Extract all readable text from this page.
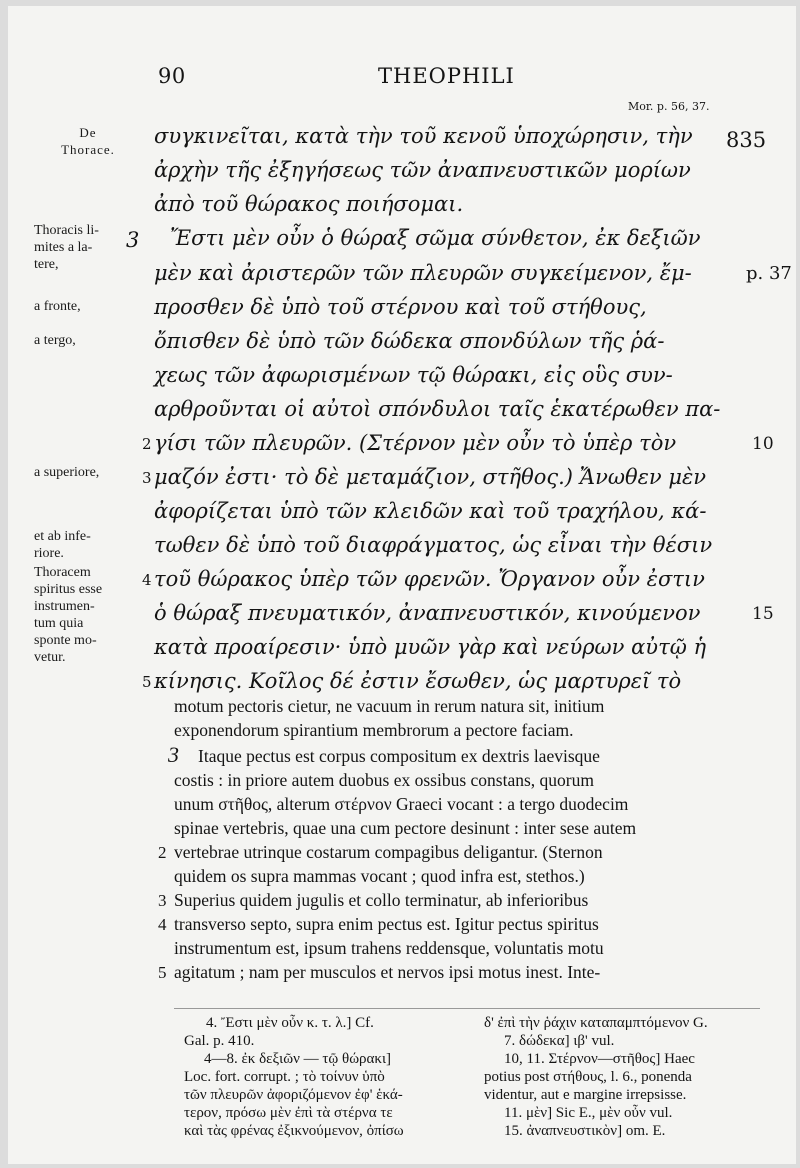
90	THEOPHILI
Mor. p. 56, 37.
De
Thorace.
Thoracis li-
mites a la-
tere,
a fronte,
a tergo,
a superiore,
et ab infe-
riore.
Thoracem
spiritus esse
instrumen-
tum quia
sponte mo-
vetur.
συγκινεῖται, κατὰ τὴν τοῦ κενοῦ ὑποχώρησιν, τὴν
ἀρχὴν τῆς ἐξηγήσεως τῶν ἀναπνευστικῶν μορίων
ἀπὸ τοῦ θώρακος ποιήσομαι.
Ἔστι μὲν οὖν ὁ θώραξ σῶμα σύνθετον, ἐκ δεξιῶν
μὲν καὶ ἀριστερῶν τῶν πλευρῶν συγκείμενον, ἔμ-
προσθεν δὲ ὑπὸ τοῦ στέρνου καὶ τοῦ στήθους,
ὄπισθεν δὲ ὑπὸ τῶν δώδεκα σπονδύλων τῆς ῥά-
χεως τῶν ἀφωρισμένων τῷ θώρακι, εἰς οὓς συν-
αρθροῦνται οἱ αὐτοὶ σπόνδυλοι ταῖς ἑκατέρωθεν πα-
γίσι τῶν πλευρῶν. (Στέρνον μὲν οὖν τὸ ὑπὲρ τὸν
μαζόν ἐστι· τὸ δὲ μεταμάζιον, στῆθος.) Ἄνωθεν μὲν
ἀφορίζεται ὑπὸ τῶν κλειδῶν καὶ τοῦ τραχήλου, κά-
τωθεν δὲ ὑπὸ τοῦ διαφράγματος, ὡς εἶναι τὴν θέσιν
τοῦ θώρακος ὑπὲρ τῶν φρενῶν. Ὄργανον οὖν ἐστιν
ὁ θώραξ πνευματικόν, ἀναπνευστικόν, κινούμενον
κατὰ προαίρεσιν· ὑπὸ μυῶν γὰρ καὶ νεύρων αὐτῷ ἡ
κίνησις. Κοῖλος δέ ἐστιν ἔσωθεν, ὡς μαρτυρεῖ τὸ
835
3
p. 37
2	10
3
4
15
5
motum pectoris cietur, ne vacuum in rerum natura sit, initium
exponendorum spirantium membrorum a pectore faciam.
Itaque pectus est corpus compositum ex dextris laevisque
costis : in priore autem duobus ex ossibus constans, quorum
unum στῆθος, alterum στέρνον Graeci vocant : a tergo duodecim
spinae vertebris, quae una cum pectore desinunt : inter sese autem
vertebrae utrinque costarum compagibus deligantur. (Sternon
quidem os supra mammas vocant ; quod infra est, stethos.)
Superius quidem jugulis et collo terminatur, ab inferioribus
transverso septo, supra enim pectus est. Igitur pectus spiritus
instrumentum est, ipsum trahens reddensque, voluntatis motu
agitatum ; nam per musculos et nervos ipsi motus inest. Inte-
3
2
3
4
5
4. Ἔστι μὲν οὖν κ. τ. λ.] Cf.
Gal. p. 410.
4—8. ἐκ δεξιῶν — τῷ θώρακι]
Loc. fort. corrupt. ; τὸ τοίνυν ὑπὸ
τῶν πλευρῶν ἀφοριζόμενον ἐφ' ἑκά-
τερον, πρόσω μὲν ἐπὶ τὰ στέρνα τε
καὶ τὰς φρένας ἐξικνούμενον, ὀπίσω
δ' ἐπὶ τὴν ῥάχιν καταπαμπτόμενον G.
7. δώδεκα] ιβ' vul.
10, 11. Στέρνον—στῆθος] Haec
potius post στήθους, l. 6., ponenda
videntur, aut e margine irrepsisse.
11. μὲν] Sic E., μὲν οὖν vul.
15. ἀναπνευστικὸν] om. E.
